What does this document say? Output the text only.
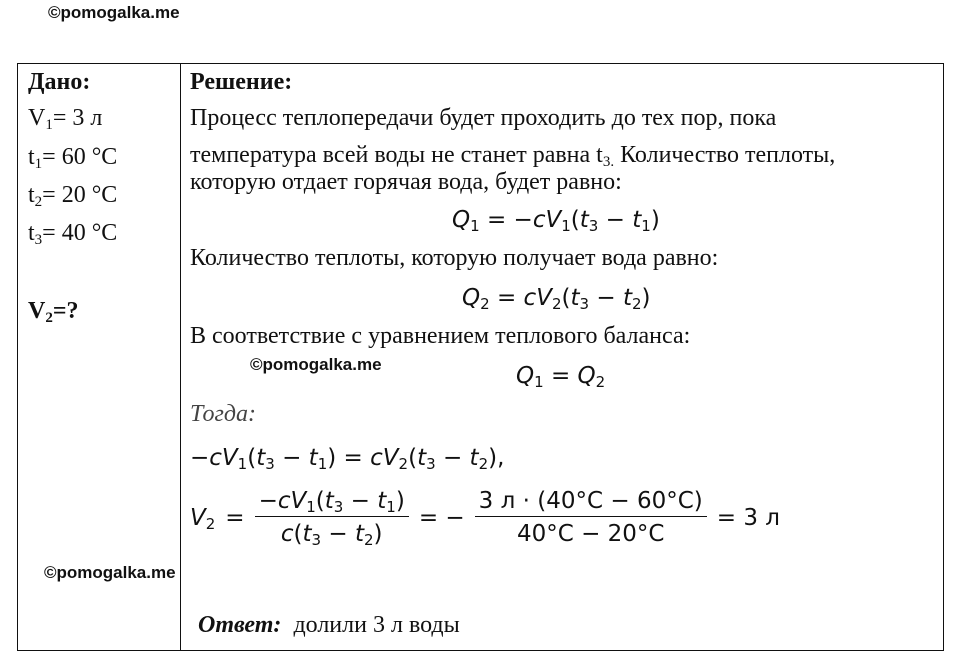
©pomogalka.me
Дано:
$V_1= 3$ л
$t_1= 60$ °C
$t_2= 20$ °C
$t_3= 40$ °C
$V_2=$?
Решение:
Процесс теплопередачи будет проходить до тех пор, пока
температура всей воды не станет равна $t_{3.}$ Количество теплоты,
которую отдает горячая вода, будет равно:
$Q_1 = -cV_1(t_3 - t_1)$
Количество теплоты, которую получает вода равно:
$Q_2 = cV_2(t_3 - t_2)$
В соответствие с уравнением теплового баланса:
©pomogalka.me	$Q_1 = Q_2$
Тогда:
$-cV_1(t_3 - t_1) = cV_2(t_3 - t_2)$,
$V_2 = \frac{-cV_1(t_3 - t_1)}{c(t_3 - t_2)}$ = − $\frac{3 л \cdot (40^\circ C - 60^\circ C)}{40^\circ C - 20^\circ C} = 3$ л
©pomogalka.me
Ответ: долили 3 л воды
